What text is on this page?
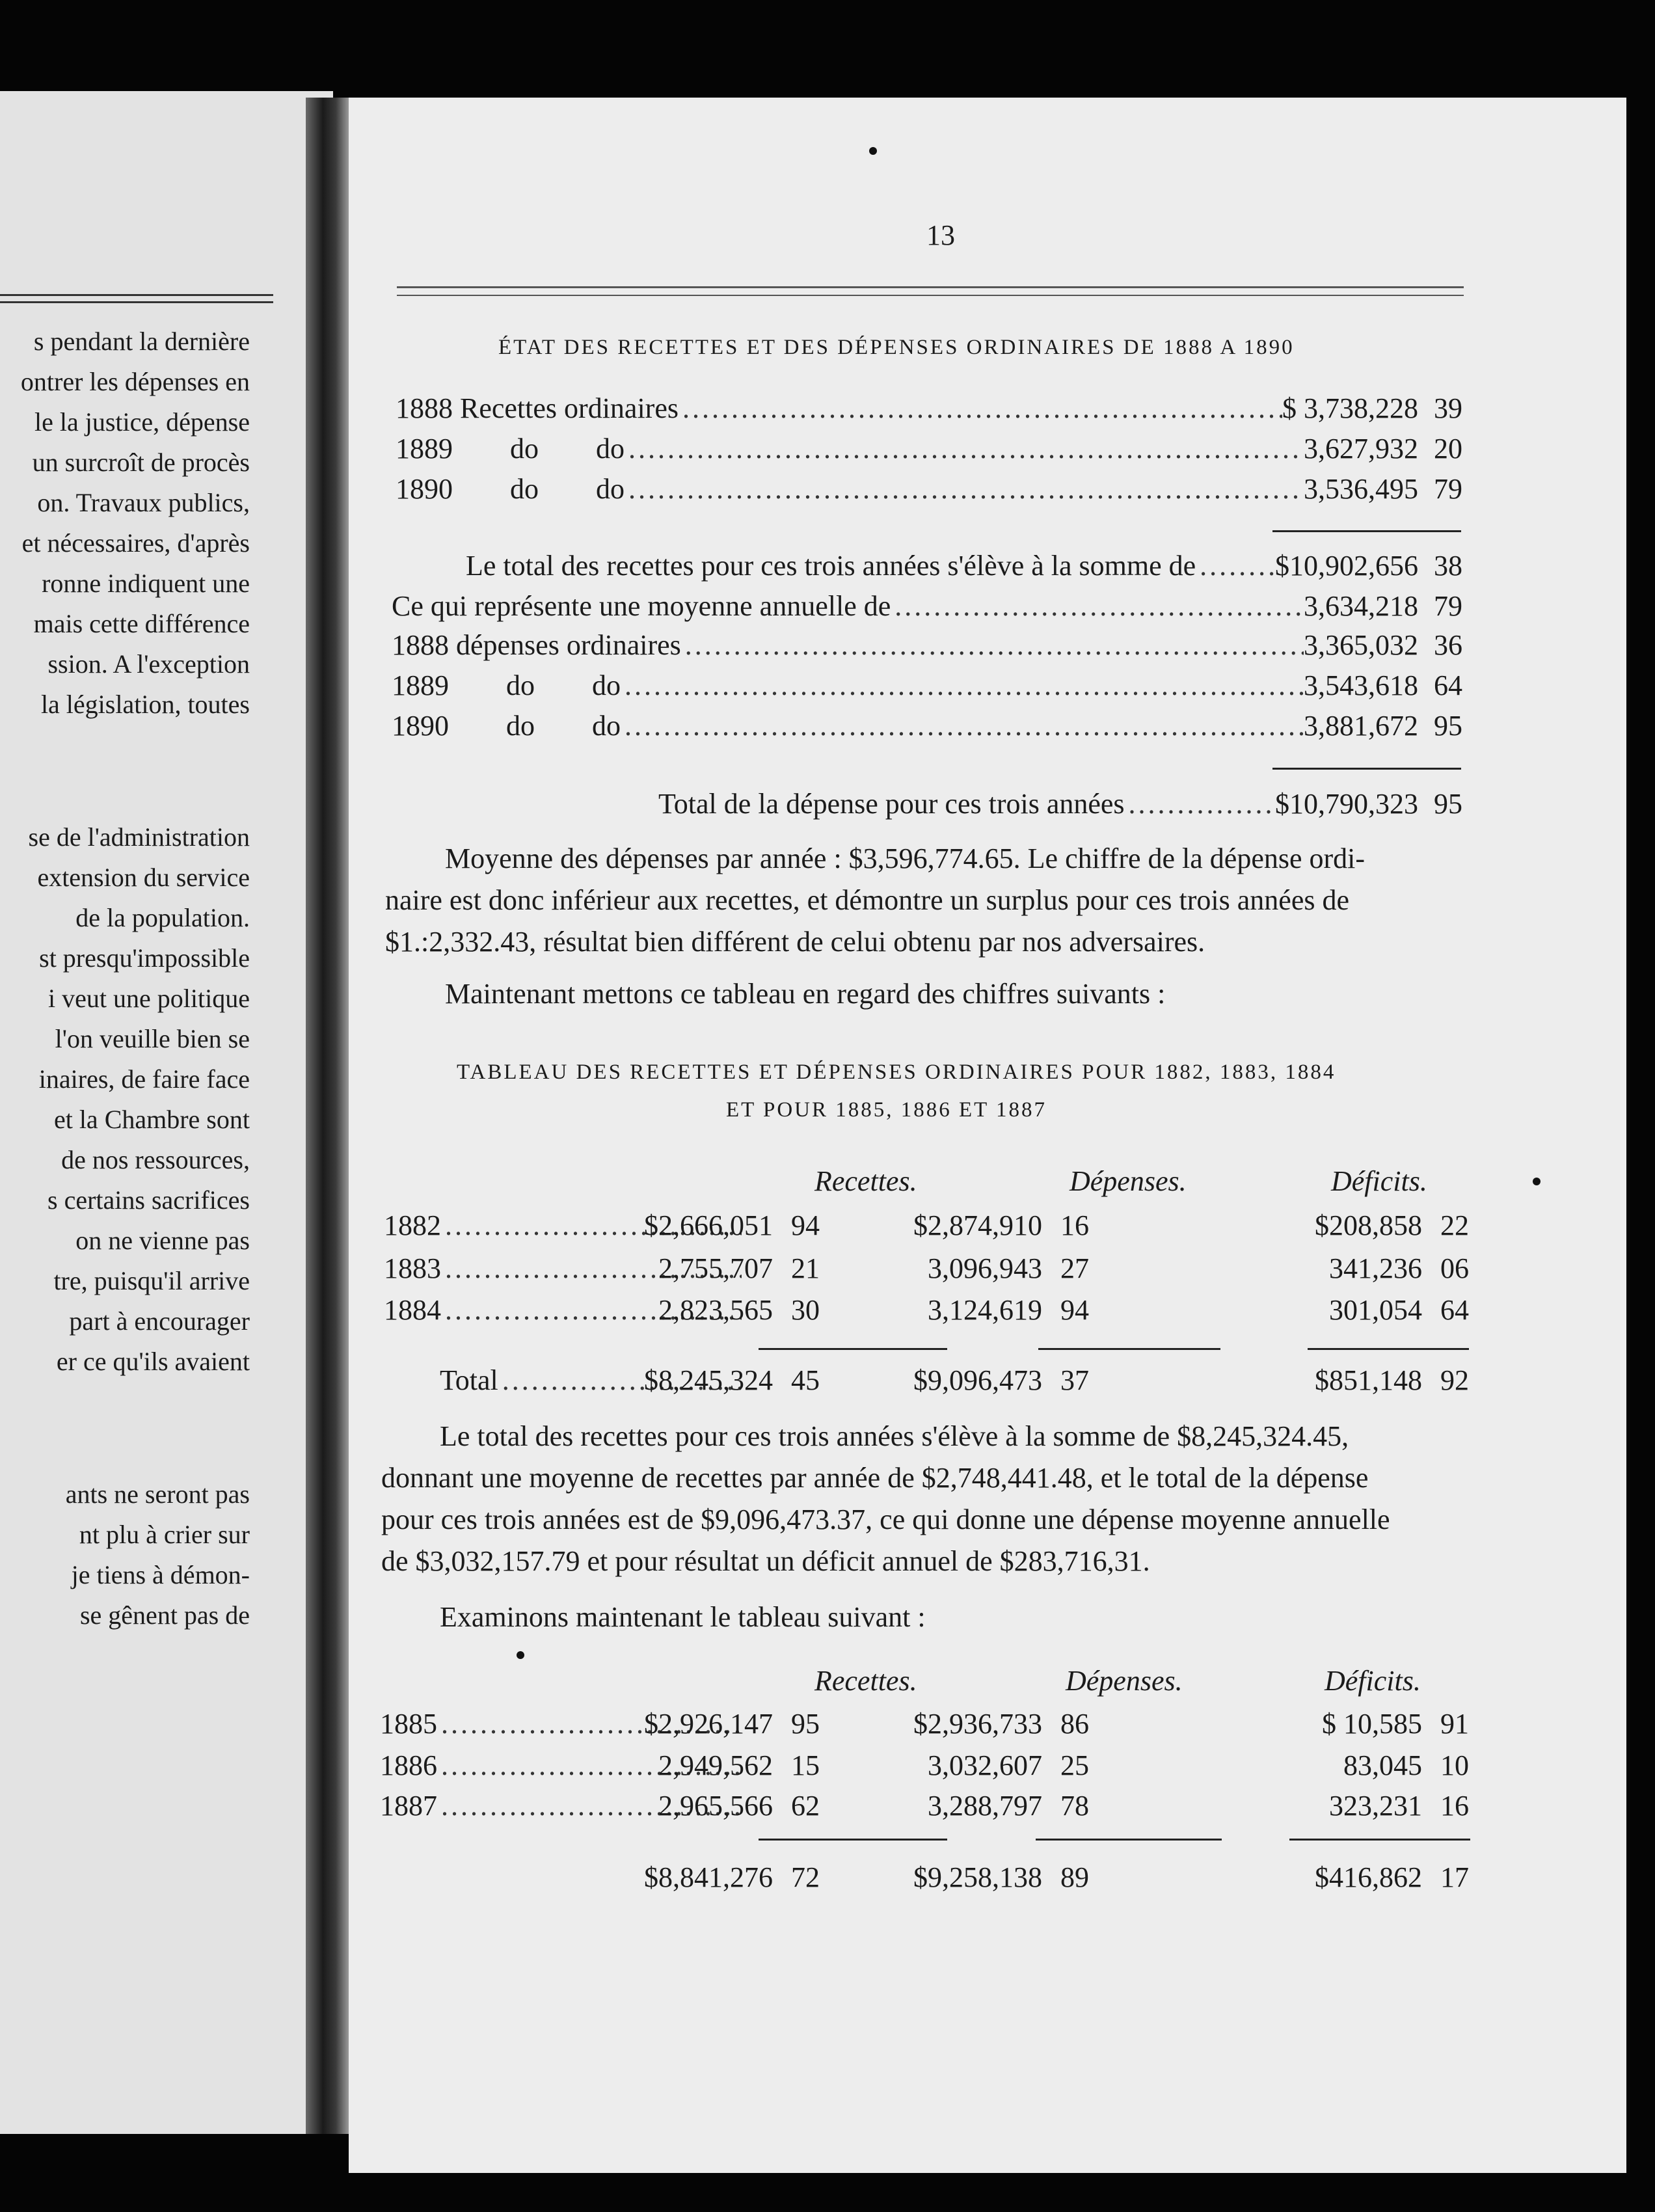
s pendant la dernière
ontrer les dépenses en
le la justice, dépense
un surcroît de procès
on. Travaux publics,
et nécessaires, d'après
ronne indiquent une
mais cette différence
ssion. A l'exception
la législation, toutes
se de l'administration
extension du service
de la population.
st presqu'impossible
i veut une politique
l'on veuille bien se
inaires, de faire face
et la Chambre sont
de nos ressources,
s certains sacrifices
on ne vienne pas
tre, puisqu'il arrive
part à encourager
er ce qu'ils avaient
ants ne seront pas
nt plu à crier sur
je tiens à démon-
se gênent pas de
13
ÉTAT DES RECETTES ET DES DÉPENSES ORDINAIRES DE 1888 A 1890
1888 Recettes ordinaires .....	$ 3,738,228 39
1889        do        do .....	3,627,932 20
1890        do        do .....	3,536,495 79
Le total des recettes pour ces trois années s'élève à la somme de .....	$10,902,656 38
Ce qui représente une moyenne annuelle de .....	3,634,218 79
1888 dépenses ordinaires .....	3,365,032 36
1889        do        do .....	3,543,618 64
1890        do        do .....	3,881,672 95
Total de la dépense pour ces trois années .....	$10,790,323 95
Moyenne des dépenses par année : $3,596,774.65. Le chiffre de la dépense ordi-
naire est donc inférieur aux recettes, et démontre un surplus pour ces trois années de
$1.:2,332.43, résultat bien différent de celui obtenu par nos adversaires.
Maintenant mettons ce tableau en regard des chiffres suivants :
TABLEAU DES RECETTES ET DÉPENSES ORDINAIRES POUR 1882, 1883, 1884
ET POUR 1885, 1886 ET 1887
Recettes.	Dépenses.	Déficits.
1882 .....	$2,666,051 94	$2,874,910 16	$208,858 22
1883 .....	2,755,707 21	3,096,943 27	341,236 06
1884 .....	2,823,565 30	3,124,619 94	301,054 64
Total .....	$8,245,324 45	$9,096,473 37	$851,148 92
Le total des recettes pour ces trois années s'élève à la somme de $8,245,324.45,
donnant une moyenne de recettes par année de $2,748,441.48, et le total de la dépense
pour ces trois années est de $9,096,473.37, ce qui donne une dépense moyenne annuelle
de $3,032,157.79 et pour résultat un déficit annuel de $283,716,31.
Examinons maintenant le tableau suivant :
Recettes.	Dépenses.	Déficits.
1885 .....	$2,926,147 95	$2,936,733 86	$ 10,585 91
1886 .....	2,949,562 15	3,032,607 25	83,045 10
1887 .....	2,965,566 62	3,288,797 78	323,231 16
$8,841,276 72	$9,258,138 89	$416,862 17
